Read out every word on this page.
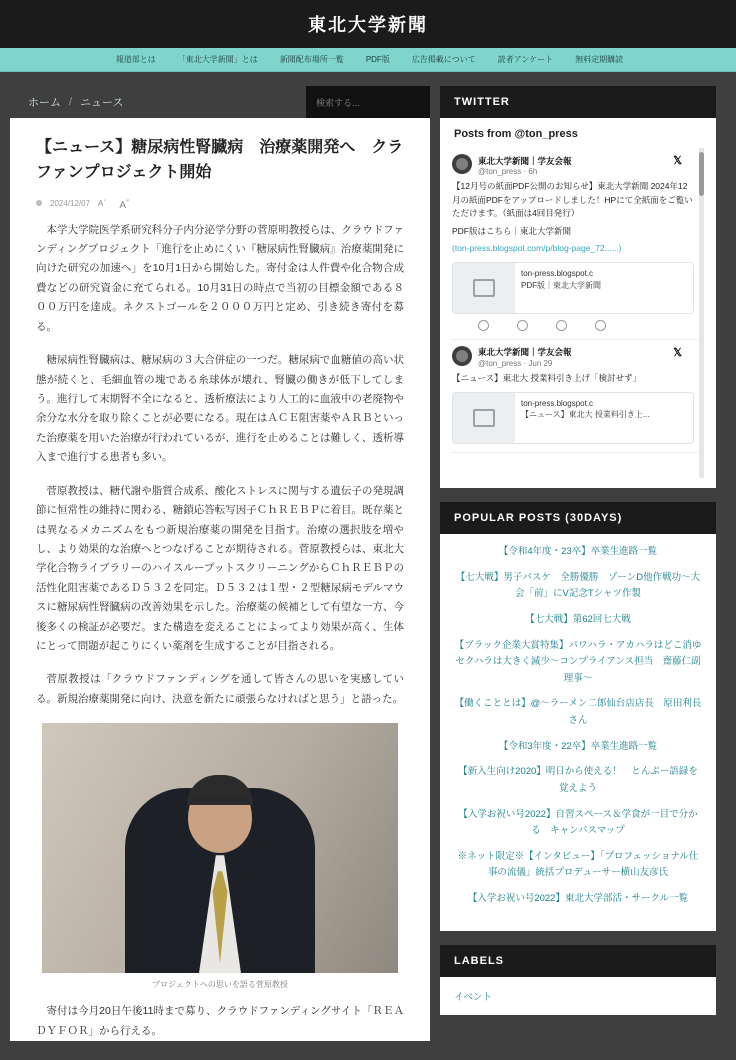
東北大学新聞
報道部とは	「東北大学新聞」とは	新聞配布場所一覧	PDF版	広告掲載について	読者アンケート	無料定期購読
ホーム / ニュース	検索する...
【ニュース】糖尿病性腎臓病　治療薬開発へ　クラファンプロジェクト開始
2024/12/07 A゛ A゛

本学大学院医学系研究科分子内分泌学分野の菅原明教授らは、クラウドファンディングプロジェクト「進行を止めにくい『糖尿病性腎臓病』治療薬開発に向けた研究の加速へ」を10月1日から開始した。寄付金は人件費や化合物合成費などの研究資金に充てられる。10月31日の時点で当初の目標金額である８００万円を達成。ネクストゴールを２０００万円と定め、引き続き寄付を募る。

糖尿病性腎臓病は、糖尿病の３大合併症の一つだ。糖尿病で血糖値の高い状態が続くと、毛細血管の塊である糸球体が壊れ、腎臓の働きが低下してしまう。進行して末期腎不全になると、透析療法により人工的に血液中の老廃物や余分な水分を取り除くことが必要になる。現在はＡＣＥ阻害薬やＡＲＢといった治療薬を用いた治療が行われているが、進行を止めることは難しく、透析導入まで進行する患者も多い。

菅原教授は、糖代謝や脂質合成系、酸化ストレスに関与する遺伝子の発現調節に恒常性の維持に関わる、糖鎖応答転写因子ＣｈＲＥＢＰに着目。既存薬とは異なるメカニズムをもつ新規治療薬の開発を目指す。治療の選択肢を増やし、より効果的な治療へとつなげることが期待される。菅原教授らは、東北大学化合物ライブラリーのハイスループットスクリーニングからＣｈＲＥＢＰの活性化阻害薬であるＤ５３２を同定。Ｄ５３２は１型・２型糖尿病モデルマウスに糖尿病性腎臓病の改善効果を示した。治療薬の候補として有望な一方、今後多くの検証が必要だ。また構造を変えることによってより効果が高く、生体にとって問題が起こりにくい薬剤を生成することが目指される。

菅原教授は「クラウドファンディングを通して皆さんの思いを実感している。新規治療薬開発に向け、決意を新たに頑張らなければと思う」と語った。

プロジェクトへの思いを語る菅原教授

寄付は今月20日午後11時まで募り、クラウドファンディングサイト「ＲＥＡＤＹＦＯＲ」から行える。

TWITTER
Posts from @ton_press
東北大学新聞｜学友会報	𝕏
@ton_press · 6h
【12月号の紙面PDF公開のお知らせ】東北大学新聞 2024年12月の紙面PDFをアップロードしました！HPにて全紙面をご覧いただけます。（紙面は4回目発行）
PDF版はこちら｜東北大学新聞
(ton-press.blogspot.com/p/blog-page_72......)
ton-press.blogspot.c
PDF版｜東北大学新聞
東北大学新聞｜学友会報	𝕏
@ton_press · Jun 29
【ニュース】東北大 授業料引き上げ「検討せず」
ton-press.blogspot.c
【ニュース】東北大 授業料引き上...
POPULAR POSTS (30DAYS)
【令和4年度・23卒】卒業生進路一覧
【七大戦】男子バスケ　全勝優勝　ゾーンD他作戦功〜大会「前」にV記念Tシャツ作製
【七大戦】第62回七大戦
【ブラック企業大賞特集】パワハラ・アカハラはどこ消ゆ　セクハラは大きく減少〜コンプライアンス担当　齋藤仁副理事〜
【働くこととは】@〜ラーメン二郎仙台店店長　原田利長さん
【令和3年度・22卒】卒業生進路一覧
【新入生向け2020】明日から使える！　とんぷー語録を覚えよう
【入学お祝い号2022】自習スペース＆学食が一目で分かる　キャンパスマップ
※ネット限定※【インタビュー】「プロフェッショナル仕事の流儀」統括プロデューサー横山友彦氏
【入学お祝い号2022】東北大学部活・サークル一覧
LABELS
イベント
